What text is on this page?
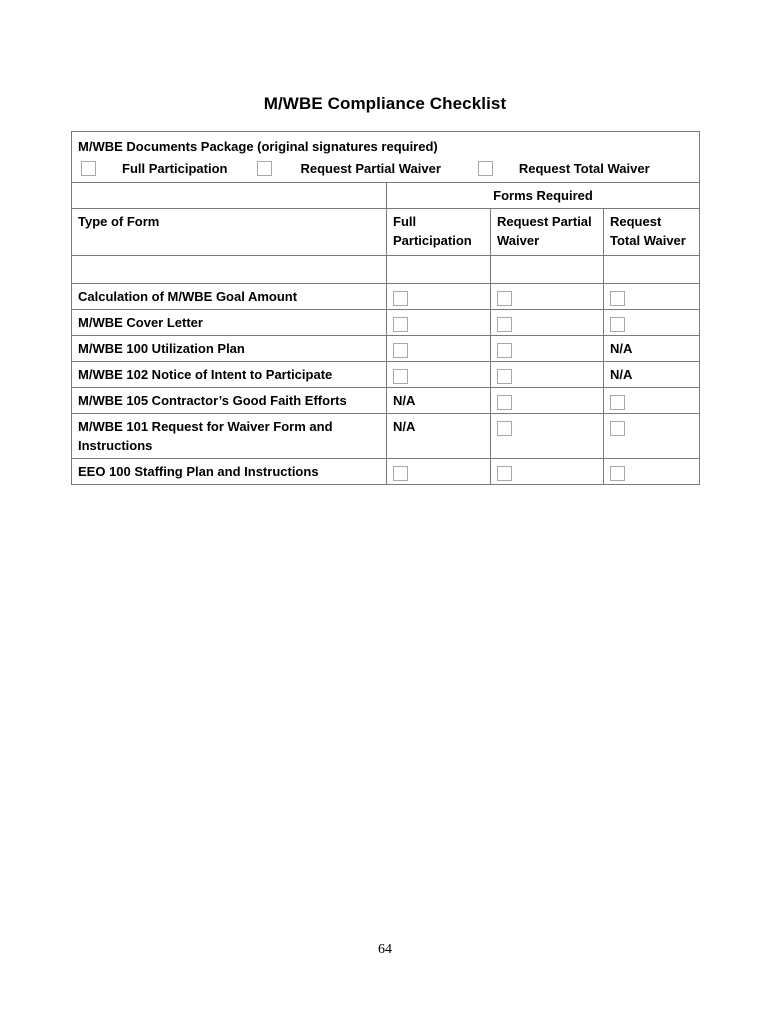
M/WBE Compliance Checklist
M/WBE Documents Package (original signatures required)
Full Participation Request Partial Waiver Request Total Waiver			

	Forms Required		
Type of Form	Full Participation	Request Partial Waiver	Request Total Waiver

Calculation of M/WBE Goal Amount			
M/WBE Cover Letter			
M/WBE 100 Utilization Plan			N/A
M/WBE 102 Notice of Intent to Participate			N/A
M/WBE 105 Contractor’s Good Faith Efforts	N/A		
M/WBE 101 Request for Waiver Form and Instructions	N/A		
EEO 100 Staffing Plan and Instructions			
64
